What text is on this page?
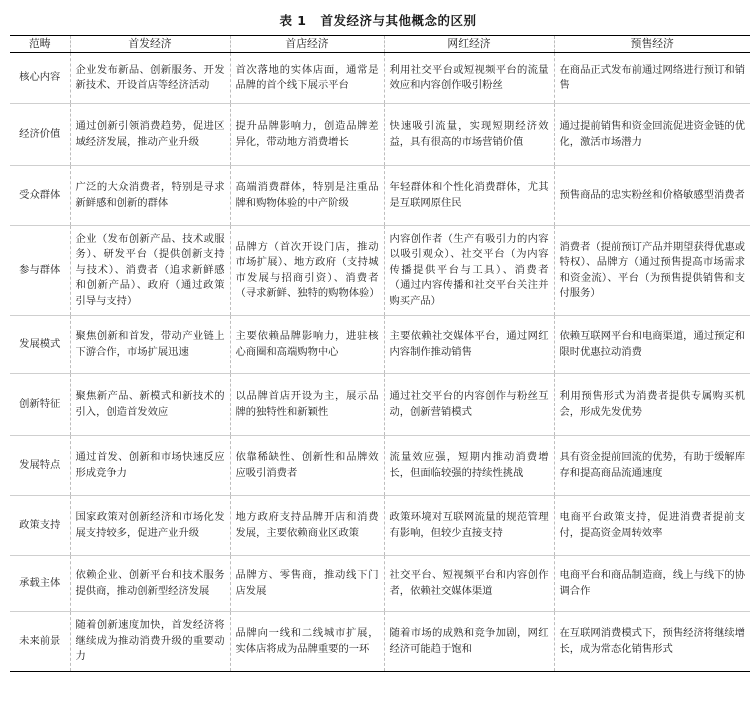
表 1 首发经济与其他概念的区别
范畴	首发经济	首店经济	网红经济	预售经济
核心内容	企业发布新品、创新服务、开发新技术、开设首店等经济活动	首次落地的实体店面，通常是品牌的首个线下展示平台	利用社交平台或短视频平台的流量效应和内容创作吸引粉丝	在商品正式发布前通过网络进行预订和销售
经济价值	通过创新引领消费趋势，促进区域经济发展，推动产业升级	提升品牌影响力，创造品牌差异化，带动地方消费增长	快速吸引流量，实现短期经济效益，具有很高的市场营销价值	通过提前销售和资金回流促进资金链的优化，激活市场潜力
受众群体	广泛的大众消费者，特别是寻求新鲜感和创新的群体	高端消费群体，特别是注重品牌和购物体验的中产阶级	年轻群体和个性化消费群体，尤其是互联网原住民	预售商品的忠实粉丝和价格敏感型消费者
参与群体	企业（发布创新产品、技术或服务）、研发平台（提供创新支持与技术）、消费者（追求新鲜感和创新产品）、政府（通过政策引导与支持）	品牌方（首次开设门店，推动市场扩展）、地方政府（支持城市发展与招商引资）、消费者（寻求新鲜、独特的购物体验）	内容创作者（生产有吸引力的内容以吸引观众）、社交平台（为内容传播提供平台与工具）、消费者（通过内容传播和社交平台关注并购买产品）	消费者（提前预订产品并期望获得优惠或特权）、品牌方（通过预售提高市场需求和资金流）、平台（为预售提供销售和支付服务）
发展模式	聚焦创新和首发，带动产业链上下游合作，市场扩展迅速	主要依赖品牌影响力，进驻核心商圈和高端购物中心	主要依赖社交媒体平台，通过网红内容制作推动销售	依赖互联网平台和电商渠道，通过预定和限时优惠拉动消费
创新特征	聚焦新产品、新模式和新技术的引入，创造首发效应	以品牌首店开设为主，展示品牌的独特性和新颖性	通过社交平台的内容创作与粉丝互动，创新营销模式	利用预售形式为消费者提供专属购买机会，形成先发优势
发展特点	通过首发、创新和市场快速反应形成竞争力	依靠稀缺性、创新性和品牌效应吸引消费者	流量效应强，短期内推动消费增长，但面临较强的持续性挑战	具有资金提前回流的优势，有助于缓解库存和提高商品流通速度
政策支持	国家政策对创新经济和市场化发展支持较多，促进产业升级	地方政府支持品牌开店和消费发展，主要依赖商业区政策	政策环境对互联网流量的规范管理有影响，但较少直接支持	电商平台政策支持，促进消费者提前支付，提高资金周转效率
承载主体	依赖企业、创新平台和技术服务提供商，推动创新型经济发展	品牌方、零售商，推动线下门店发展	社交平台、短视频平台和内容创作者，依赖社交媒体渠道	电商平台和商品制造商，线上与线下的协调合作
未来前景	随着创新速度加快，首发经济将继续成为推动消费升级的重要动力	品牌向一线和二线城市扩展，实体店将成为品牌重要的一环	随着市场的成熟和竞争加剧，网红经济可能趋于饱和	在互联网消费模式下，预售经济将继续增长，成为常态化销售形式
